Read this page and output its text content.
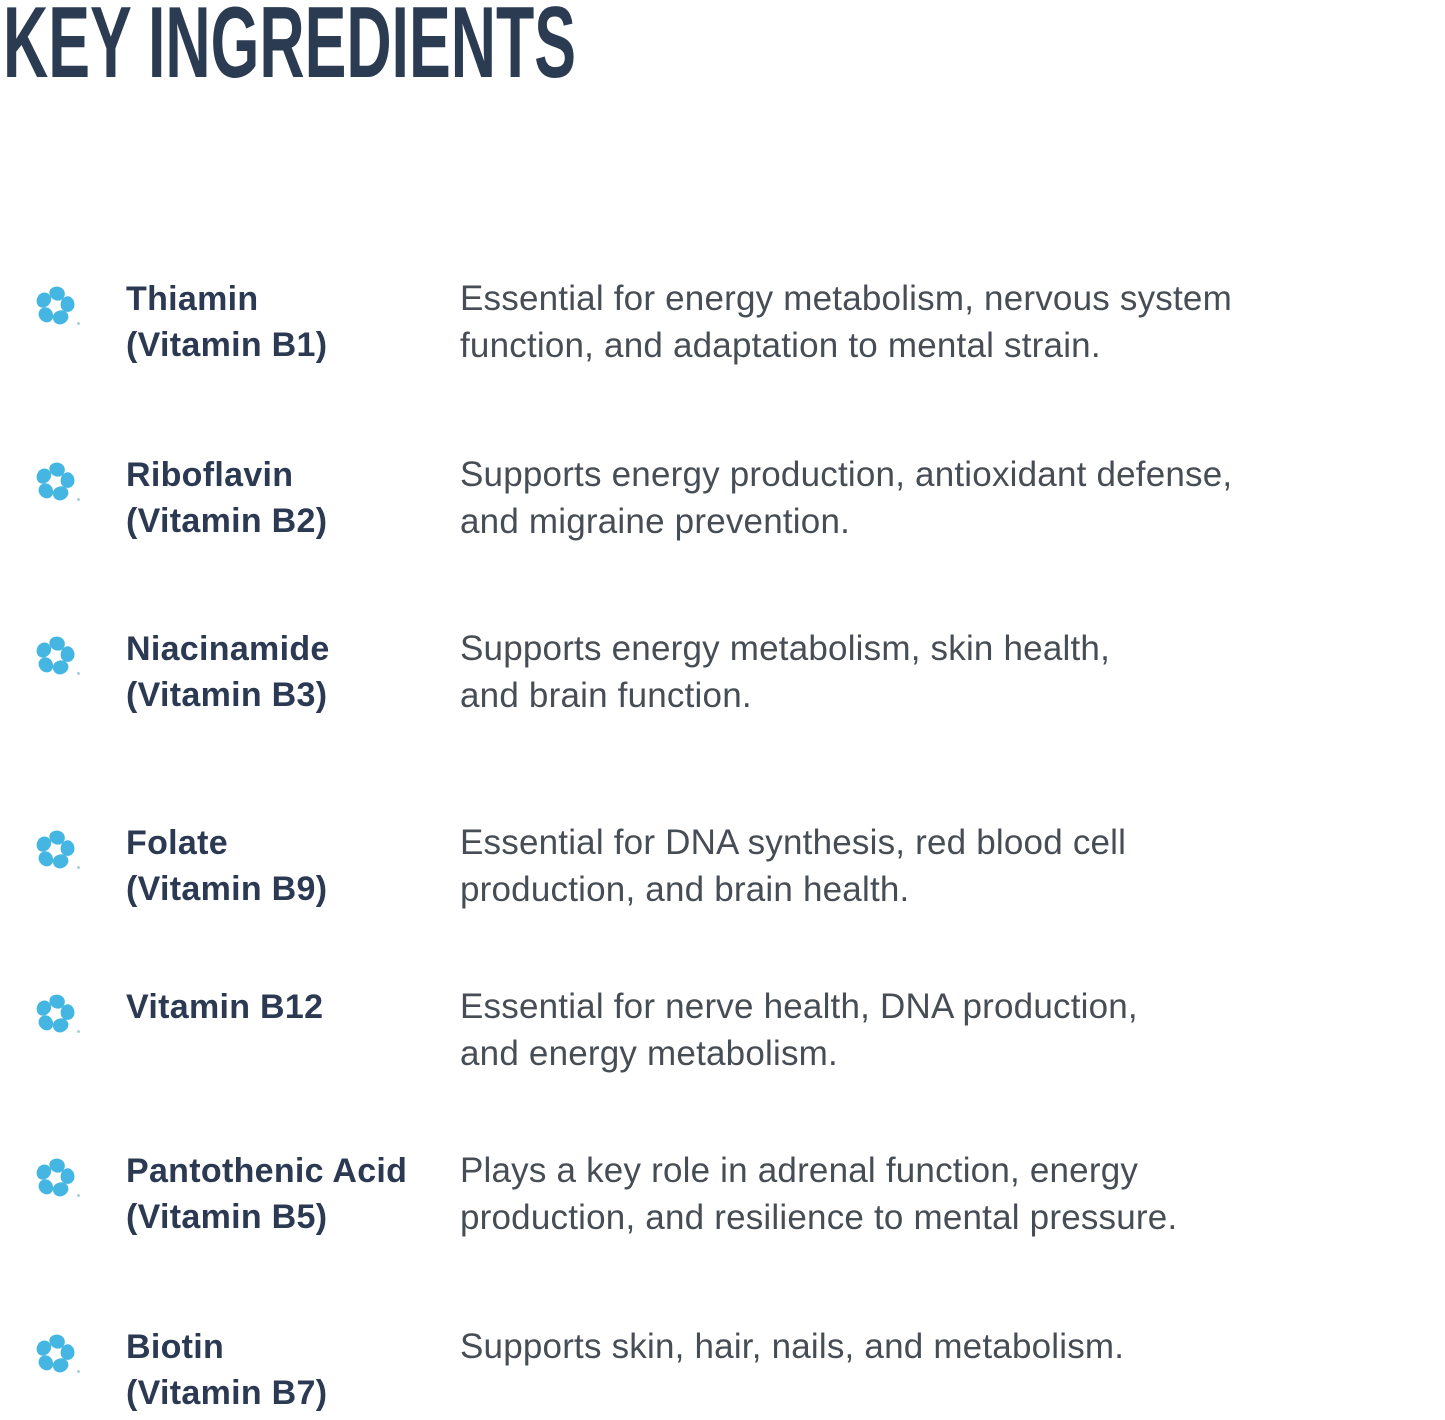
KEY INGREDIENTS
Thiamin
(Vitamin B1)
Essential for energy metabolism, nervous system
function, and adaptation to mental strain.
Riboflavin
(Vitamin B2)
Supports energy production, antioxidant defense,
and migraine prevention.
Niacinamide
(Vitamin B3)
Supports energy metabolism, skin health,
and brain function.
Folate
(Vitamin B9)
Essential for DNA synthesis, red blood cell
production, and brain health.
Vitamin B12	Essential for nerve health, DNA production,
and energy metabolism.
Pantothenic Acid
(Vitamin B5)
Plays a key role in adrenal function, energy
production, and resilience to mental pressure.
Biotin
(Vitamin B7)
Supports skin, hair, nails, and metabolism.
